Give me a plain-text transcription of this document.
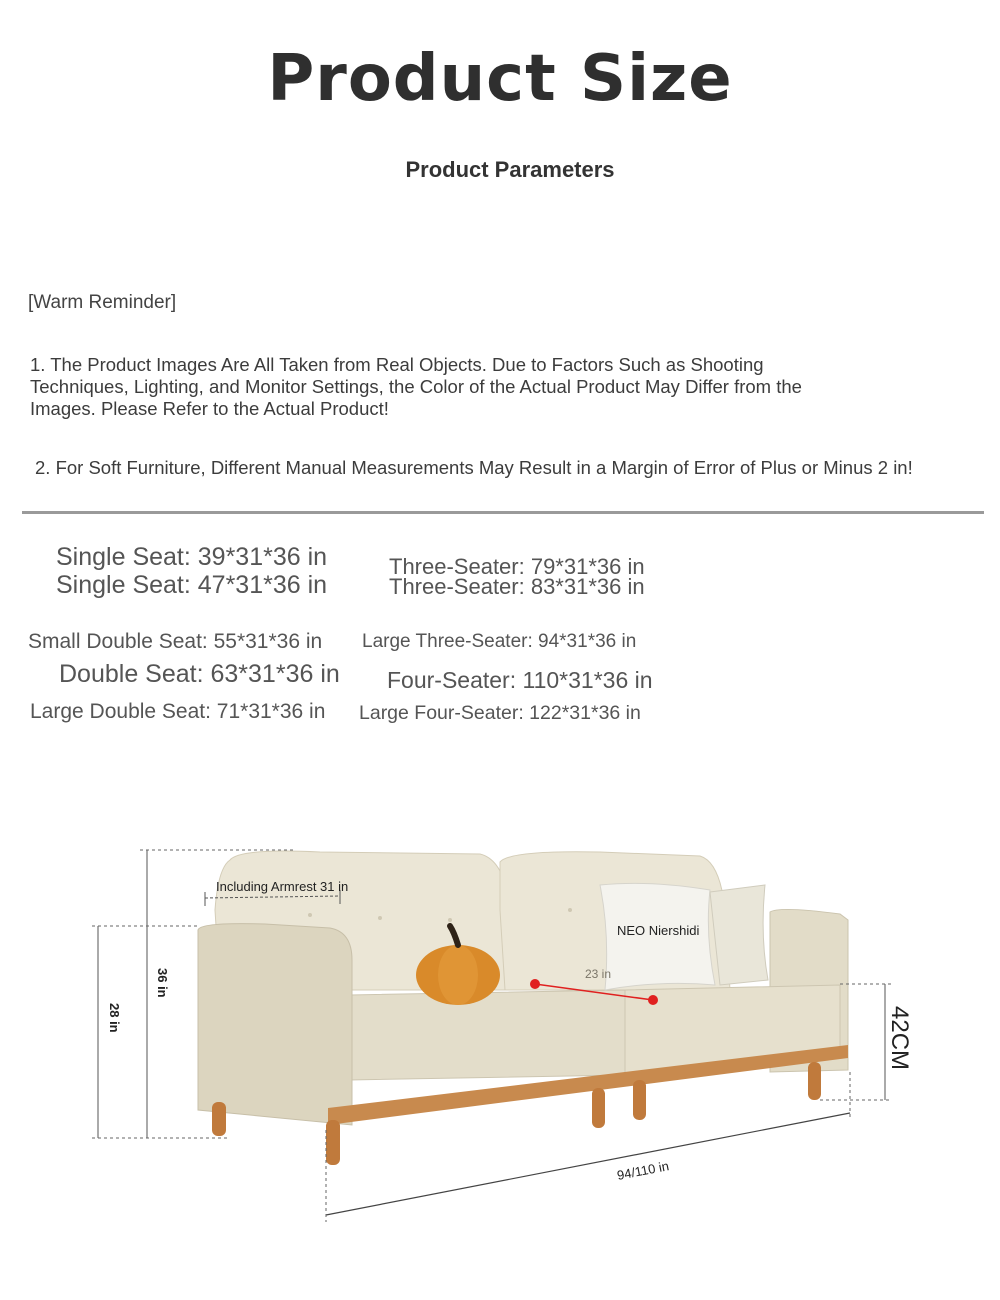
Product Size
Product Parameters
[Warm Reminder]
1. The Product Images Are All Taken from Real Objects. Due to Factors Such as Shooting Techniques, Lighting, and Monitor Settings, the Color of the Actual Product May Differ from the Images. Please Refer to the Actual Product!
2. For Soft Furniture, Different Manual Measurements May Result in a Margin of Error of Plus or Minus 2 in!
Single Seat: 39*31*36 in Single Seat: 47*31*36 in
Small Double Seat: 55*31*36 in
Double Seat: 63*31*36 in
Large Double Seat: 71*31*36 in
Three-Seater: 79*31*36 in Three-Seater: 83*31*36 in
Large Three-Seater: 94*31*36 in
Four-Seater: 110*31*36 in
Large Four-Seater: 122*31*36 in
23 in
NEO Niershidi
Including Armrest 31 in
36 in
28 in	42CM
94/110 in
